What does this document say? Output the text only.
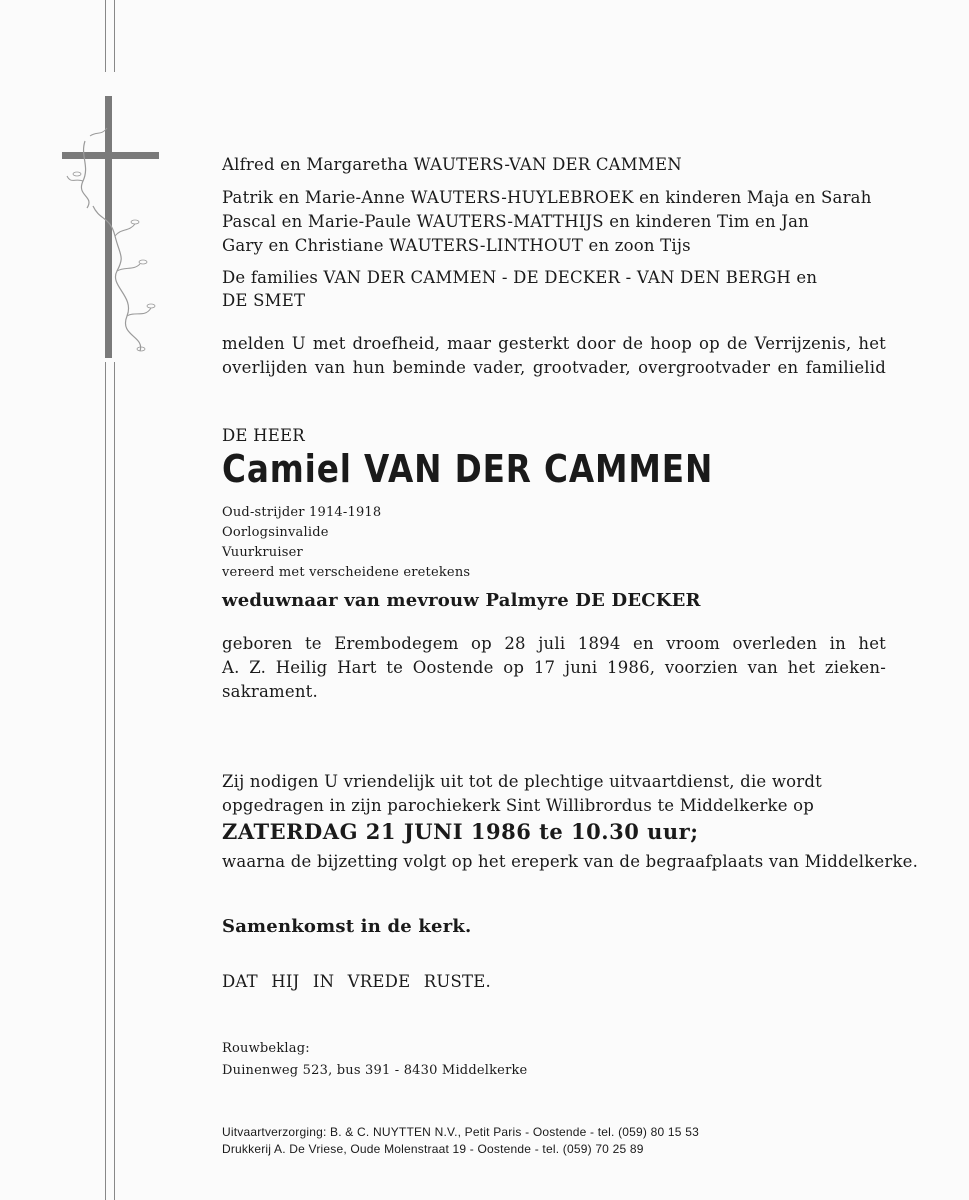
Alfred en Margaretha WAUTERS-VAN DER CAMMEN
Patrik en Marie-Anne WAUTERS-HUYLEBROEK en kinderen Maja en Sarah
Pascal en Marie-Paule WAUTERS-MATTHIJS en kinderen Tim en Jan
Gary en Christiane WAUTERS-LINTHOUT en zoon Tijs
De families VAN DER CAMMEN - DE DECKER - VAN DEN BERGH en
DE SMET
melden U met droefheid, maar gesterkt door de hoop op de Verrijzenis, het
overlijden van hun beminde vader, grootvader, overgrootvader en familielid
DE HEER
Camiel VAN DER CAMMEN
Oud-strijder 1914-1918
Oorlogsinvalide
Vuurkruiser
vereerd met verscheidene eretekens
weduwnaar van mevrouw Palmyre DE DECKER
geboren te Erembodegem op 28 juli 1894 en vroom overleden in het
A. Z. Heilig Hart te Oostende op 17 juni 1986, voorzien van het zieken-
sakrament.
Zij nodigen U vriendelijk uit tot de plechtige uitvaartdienst, die wordt
opgedragen in zijn parochiekerk Sint Willibrordus te Middelkerke op
ZATERDAG 21 JUNI 1986 te 10.30 uur;
waarna de bijzetting volgt op het ereperk van de begraafplaats van Middelkerke.
Samenkomst in de kerk.
DAT HIJ IN VREDE RUSTE.
Rouwbeklag:
Duinenweg 523, bus 391 - 8430 Middelkerke
Uitvaartverzorging: B. & C. NUYTTEN N.V., Petit Paris - Oostende - tel. (059) 80 15 53
Drukkerij A. De Vriese, Oude Molenstraat 19 - Oostende - tel. (059) 70 25 89
